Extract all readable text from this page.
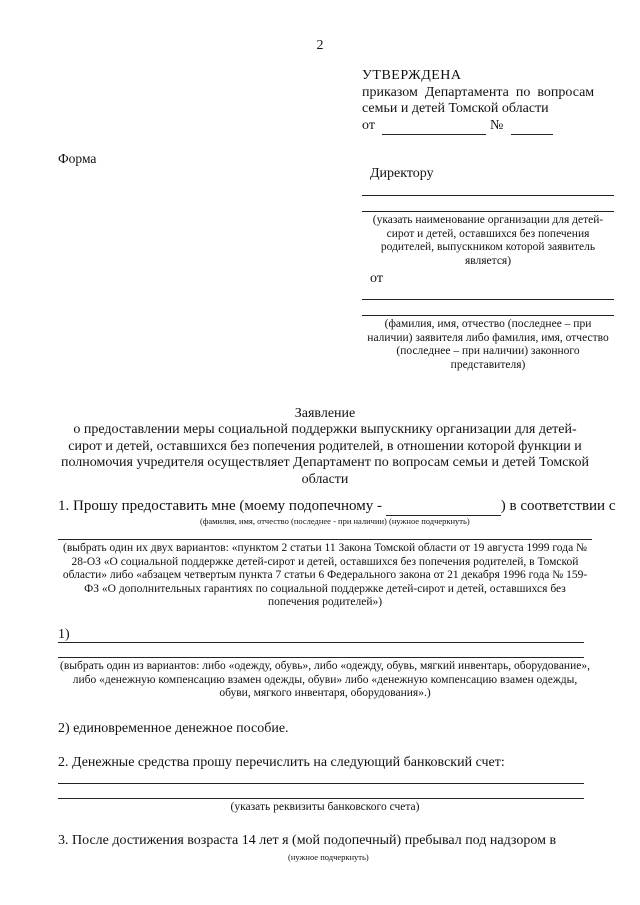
2
УТВЕРЖДЕНА
приказом  Департамента  по  вопросам
семьи и детей Томской области
от	№
Форма
Директору
(указать наименование организации для детей-сирот и детей, оставшихся без попечения родителей, выпускником которой заявитель является)
от
(фамилия, имя, отчество (последнее – при наличии) заявителя либо фамилия, имя, отчество (последнее – при наличии) законного представителя)
Заявление
о предоставлении меры социальной поддержки выпускнику организации для детей-сирот и детей, оставшихся без попечения родителей, в отношении которой функции и полномочия учредителя осуществляет Департамент по вопросам семьи и детей Томской области
1. Прошу предоставить мне (моему подопечному -	) в соответствии с
(фамилия, имя, отчество (последнее - при наличии) (нужное подчеркнуть)
(выбрать один их двух вариантов: «пунктом 2 статьи 11 Закона Томской области от 19 августа 1999 года № 28-ОЗ «О социальной поддержке детей-сирот и детей, оставшихся без попечения родителей, в Томской области» либо «абзацем четвертым пункта 7 статьи 6 Федерального закона от 21 декабря 1996 года № 159-ФЗ «О дополнительных гарантиях по социальной поддержке детей-сирот и детей, оставшихся без попечения родителей»)
1)
(выбрать один из вариантов: либо «одежду, обувь», либо «одежду, обувь, мягкий инвентарь, оборудование», либо «денежную компенсацию взамен одежды, обуви» либо «денежную компенсацию взамен одежды, обуви, мягкого инвентаря, оборудования».)
2) единовременное денежное пособие.
2. Денежные средства прошу перечислить на следующий банковский счет:
(указать реквизиты банковского счета)
3. После достижения возраста 14 лет я (мой подопечный) пребывал под надзором в
(нужное подчеркнуть)
